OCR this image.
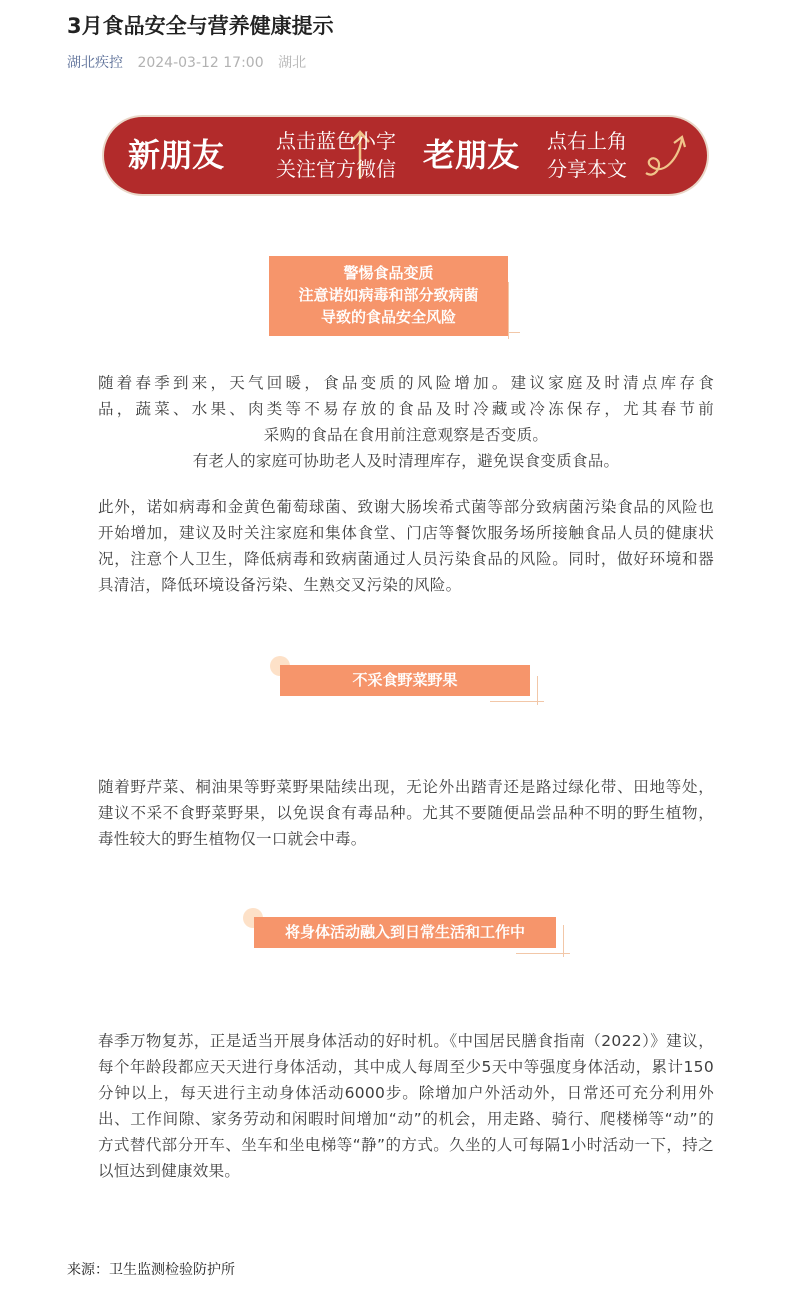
3月食品安全与营养健康提示
湖北疾控 2024-03-12 17:00 湖北
新朋友	点击蓝色小字
关注官方微信 老朋友 点右上角
分享本文
警惕食品变质
注意诺如病毒和部分致病菌
导致的食品安全风险

随着春季到来，天气回暖，食品变质的风险增加。建议家庭及时清点库存食

品，蔬菜、水果、肉类等不易存放的食品及时冷藏或冷冻保存，尤其春节前

采购的食品在食用前注意观察是否变质。

有老人的家庭可协助老人及时清理库存，避免误食变质食品。

此外，诺如病毒和金黄色葡萄球菌、致谢大肠埃希式菌等部分致病菌污染食品的风险也开始增加，建议及时关注家庭和集体食堂、门店等餐饮服务场所接触食品人员的健康状况，注意个人卫生，降低病毒和致病菌通过人员污染食品的风险。同时，做好环境和器具清洁，降低环境设备污染、生熟交叉污染的风险。

不采食野菜野果

随着野芹菜、桐油果等野菜野果陆续出现，无论外出踏青还是路过绿化带、田地等处，建议不采不食野菜野果，以免误食有毒品种。尤其不要随便品尝品种不明的野生植物，毒性较大的野生植物仅一口就会中毒。

将身体活动融入到日常生活和工作中

春季万物复苏，正是适当开展身体活动的好时机。《中国居民膳食指南（2022）》建议，每个年龄段都应天天进行身体活动，其中成人每周至少5天中等强度身体活动，累计150分钟以上，每天进行主动身体活动6000步。除增加户外活动外，日常还可充分利用外出、工作间隙、家务劳动和闲暇时间增加“动”的机会，用走路、骑行、爬楼梯等“动”的方式替代部分开车、坐车和坐电梯等“静”的方式。久坐的人可每隔1小时活动一下，持之以恒达到健康效果。

来源：卫生监测检验防护所
